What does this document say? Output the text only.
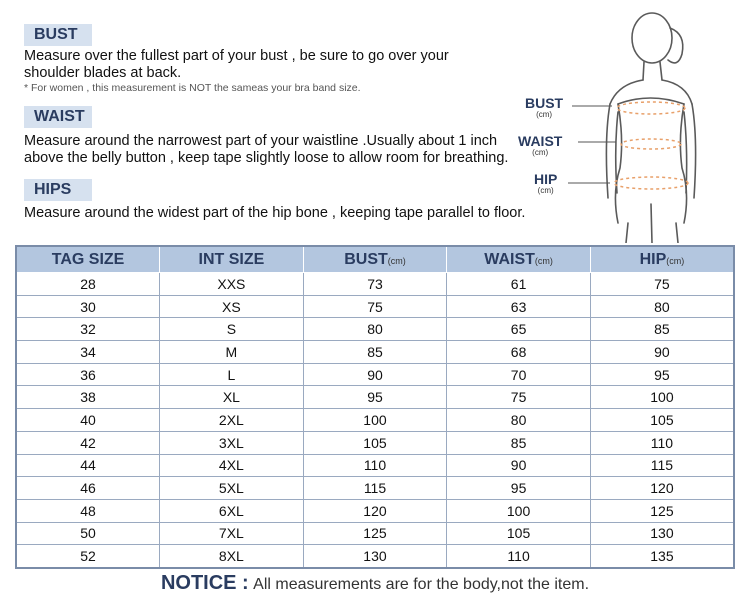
BUST
Measure over the fullest part of your bust , be sure to go over your shoulder blades at back.
* For women , this measurement is NOT the sameas your bra band size.
WAIST
Measure around the narrowest part of your waistline .Usually about 1 inch above the belly button , keep tape slightly loose to allow room for breathing.
HIPS
Measure around the widest part of the hip bone , keeping tape parallel to floor.
BUST
(cm)
WAIST
(cm)
HIP
(cm)
TAG SIZE	INT SIZE	BUST(cm)	WAIST(cm)	HIP(cm)
28	XXS	73	61	75
30	XS	75	63	80
32	S	80	65	85
34	M	85	68	90
36	L	90	70	95
38	XL	95	75	100
40	2XL	100	80	105
42	3XL	105	85	110
44	4XL	110	90	115
46	5XL	115	95	120
48	6XL	120	100	125
50	7XL	125	105	130
52	8XL	130	110	135
NOTICE : All measurements are for the body,not the item.
